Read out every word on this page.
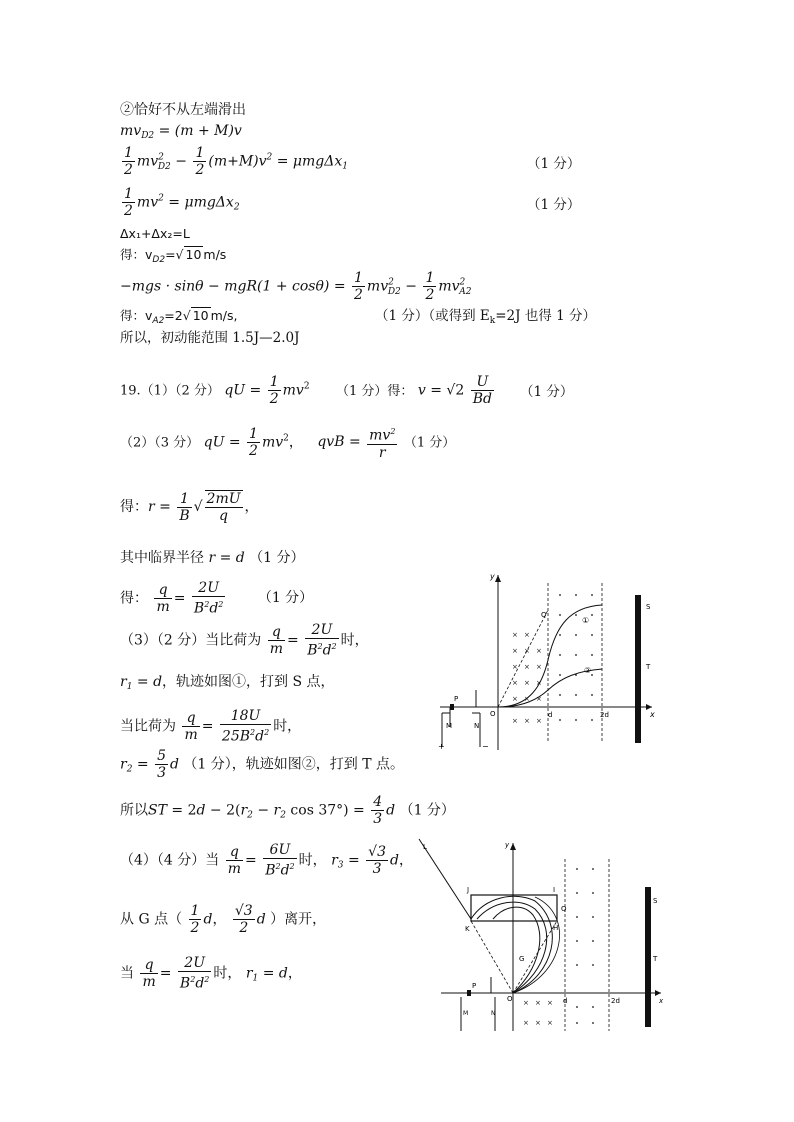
②恰好不从左端滑出
$mv_{D2} = (m + M)v$
$\frac{1}{2} mv^2_{D2} - \frac{1}{2} (m+M)v^2 = \mu mg\Delta x_1$	（1 分）
$\frac{1}{2} mv^2 = \mu mg\Delta x_2$	（1 分）
Δx₁+Δx₂=L
得：$v_{D2}=√$ 10 m/s
$-mgs \cdot \sin\theta - mgR(1 + \cos\theta) = \frac{1}{2} mv^2_{D2} - \frac{1}{2} mv^2_{A2}$
得：$v_{A2}=2√$ 10 m/s,	（1 分）（或得到 $E_k=2J$ 也得 1 分）
所以，初动能范围 1.5J—2.0J
19.（1）（2 分） qU = $\frac{1}{2} mv^2$ （1 分）得： $v = √2 \frac{U}{Bd} (1$ 分）
（2）（3 分） qU = $\frac{1}{2} mv^2$， qvB = $\frac{mv^2}{r} (1$ 分）
得：$r = \frac{1}{B}$ √ $\frac{2mU}{q}$ ，
其中临界半径 r = d （1 分）
得： $\frac{q}{m} = \frac{2U}{B^2d^2} (1$ 分）
（3）（2 分）当比荷为 $\frac{q}{m} = \frac{2U}{B^2d^2}$ 时，
$r_1 = d$，轨迹如图①，打到 S 点，
当比荷为 $\frac{q}{m} = \frac{18U}{25B^2d^2}$ 时，
$r_2 = \frac{5}{3}$ d （1 分），轨迹如图②，打到 T 点。
所以ST = $2d - 2(r_2 - r_2$ $\cos 37^\circ) = \frac{4}{3}$ d （1 分）
（4）（4 分）当 $\frac{q}{m} = \frac{6U}{B^2d^2}$ 时， $r_3 = \frac{√3}{3}$ d，
从 G 点（ $\frac{1}{2}$ d， $\frac{√3}{2}$ d ）离开，
当 $\frac{q}{m} = \frac{2U}{B^2d^2}$ 时， $r_1 = d$，
y
x
O
× ×
× × ×
× × ×
× × ×
× × ×
× × ×
d	2d
Q
①
②
S
T
P
M	N
+	−
L	y
x
O
J	I
K	H
G
Q
d	2d
× × ×
× × ×
S
T
P
M	N
